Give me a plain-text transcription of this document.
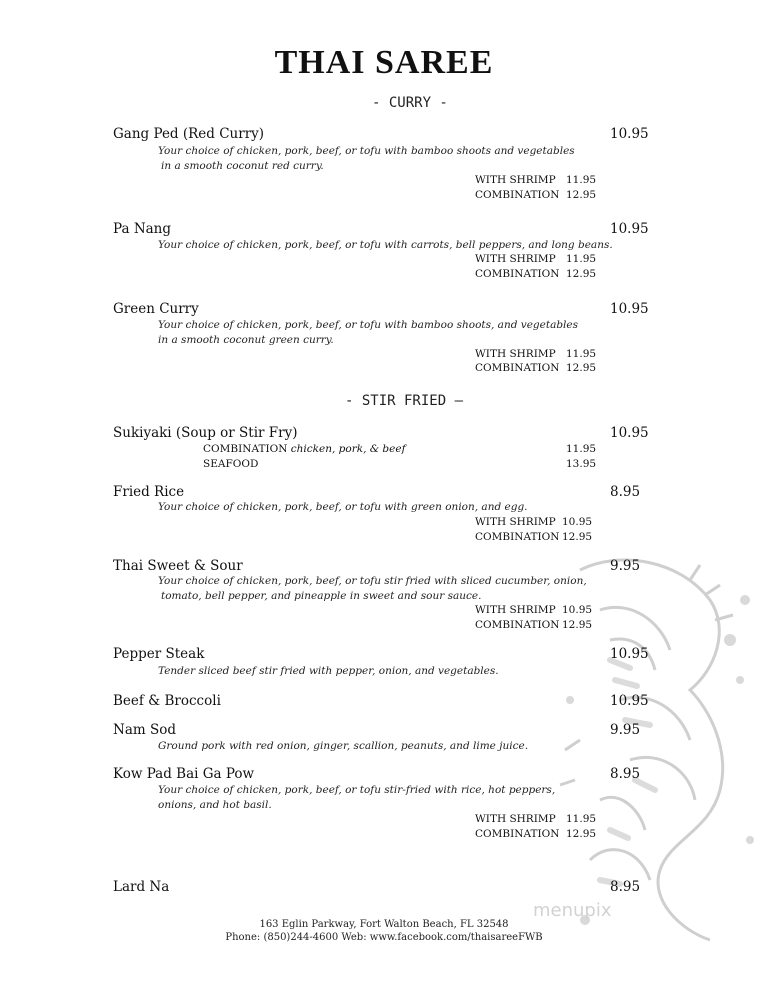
THAI SAREE
- CURRY -
- STIR FRIED –
Gang Ped (Red Curry)	10.95
Your choice of chicken, pork, beef, or tofu with bamboo shoots and vegetables
in a smooth coconut red curry.
WITH SHRIMP 11.95
COMBINATION 12.95
Pa Nang	10.95
Your choice of chicken, pork, beef, or tofu with carrots, bell peppers, and long beans.
WITH SHRIMP 11.95
COMBINATION 12.95
Green Curry	10.95
Your choice of chicken, pork, beef, or tofu with bamboo shoots, and vegetables
in a smooth coconut green curry.
WITH SHRIMP 11.95
COMBINATION 12.95
Sukiyaki (Soup or Stir Fry)	10.95
COMBINATION chicken, pork, & beef	11.95
SEAFOOD	13.95
Fried Rice	8.95
Your choice of chicken, pork, beef, or tofu with green onion, and egg.
WITH SHRIMP 10.95
COMBINATION 12.95
Thai Sweet & Sour	9.95
Your choice of chicken, pork, beef, or tofu stir fried with sliced cucumber, onion,
tomato, bell pepper, and pineapple in sweet and sour sauce.
WITH SHRIMP 10.95
COMBINATION 12.95
Pepper Steak	10.95
Tender sliced beef stir fried with pepper, onion, and vegetables.
Beef & Broccoli	10.95
Nam Sod	9.95
Ground pork with red onion, ginger, scallion, peanuts, and lime juice.
Kow Pad Bai Ga Pow	8.95
Your choice of chicken, pork, beef, or tofu stir-fried with rice, hot peppers,
onions, and hot basil.
WITH SHRIMP 11.95
COMBINATION 12.95
Lard Na	8.95
163 Eglin Parkway, Fort Walton Beach, FL 32548
Phone: (850)244-4600 Web: www.facebook.com/thaisareeFWB
menupix
